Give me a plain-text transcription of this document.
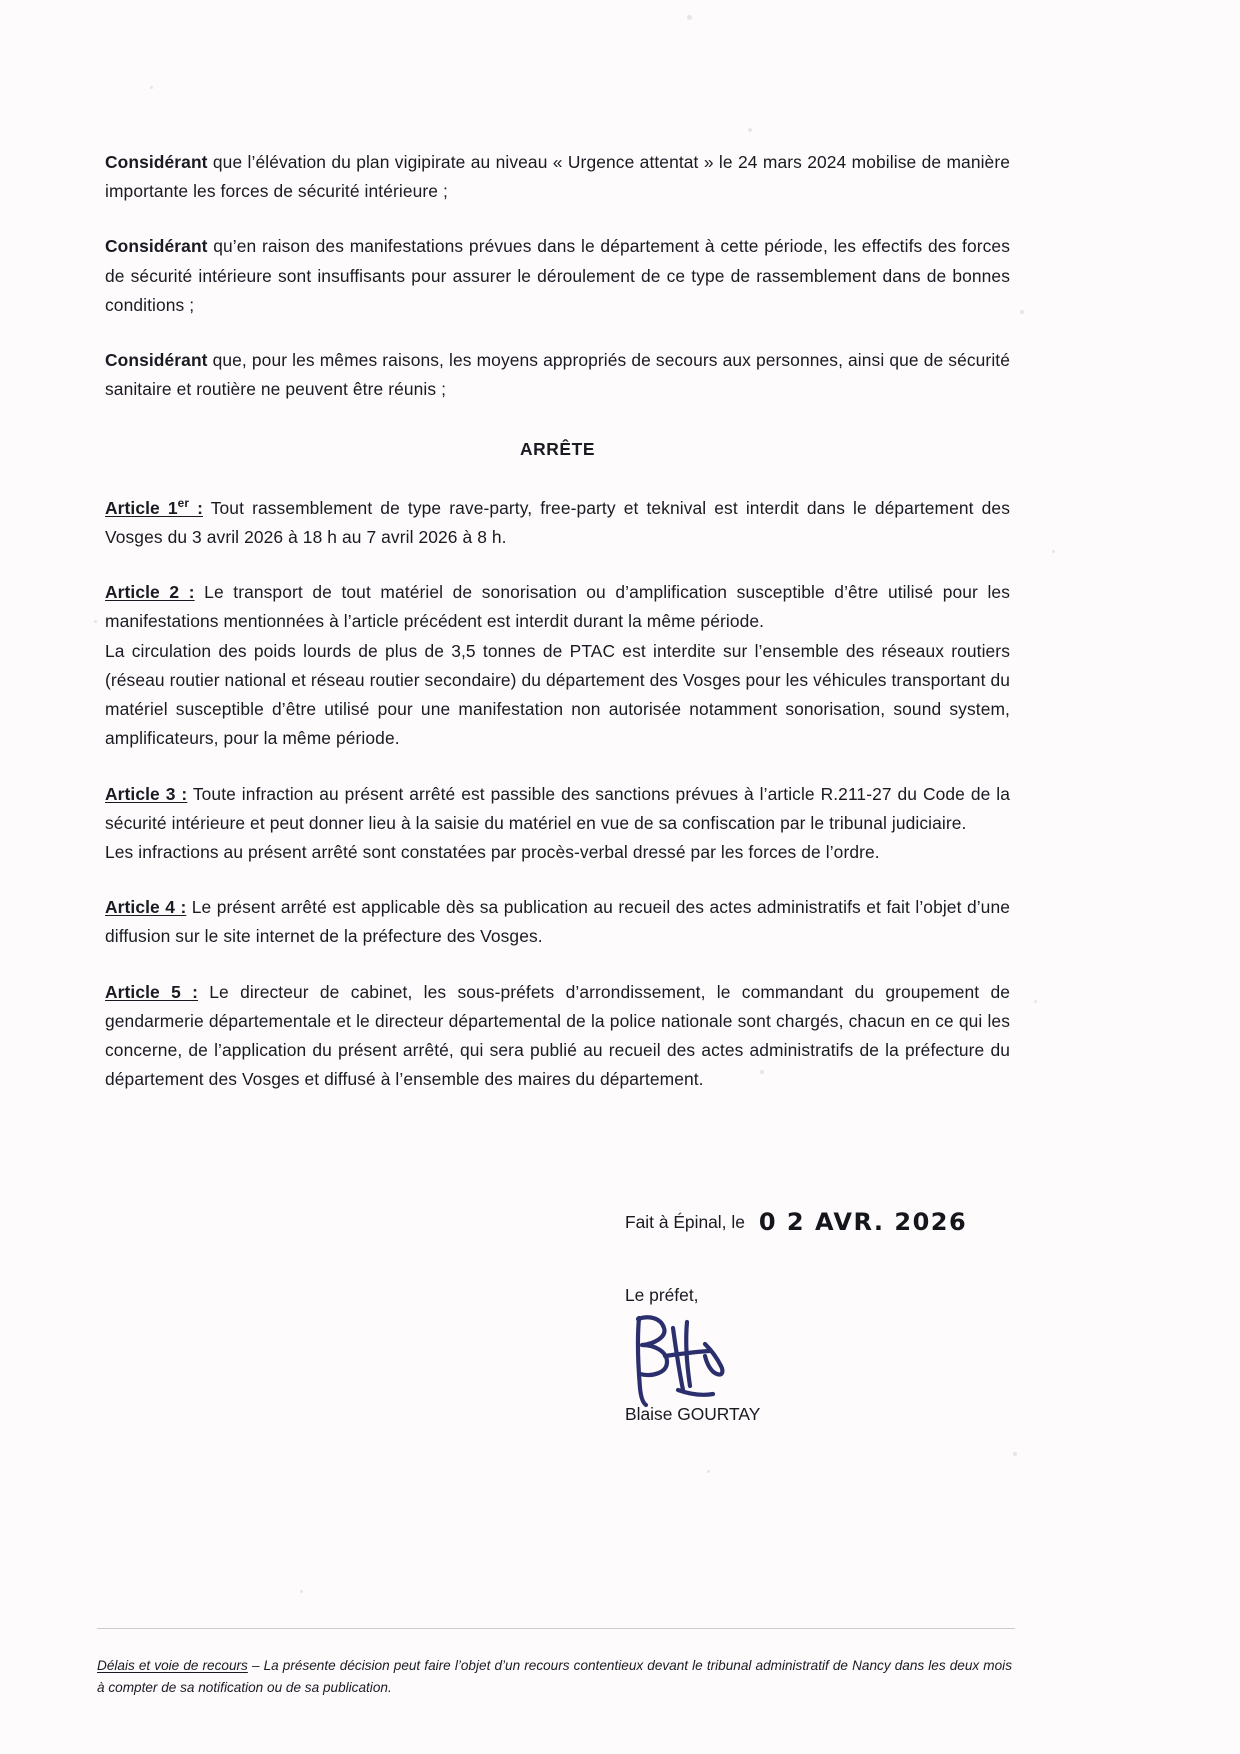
Considérant que l’élévation du plan vigipirate au niveau « Urgence attentat » le 24 mars 2024 mobilise de manière importante les forces de sécurité intérieure ;

Considérant qu’en raison des manifestations prévues dans le département à cette période, les effectifs des forces de sécurité intérieure sont insuffisants pour assurer le déroulement de ce type de rassemblement dans de bonnes conditions ;

Considérant que, pour les mêmes raisons, les moyens appropriés de secours aux personnes, ainsi que de sécurité sanitaire et routière ne peuvent être réunis ;

ARRÊTE

Article 1er : Tout rassemblement de type rave-party, free-party et teknival est interdit dans le département des Vosges du 3 avril 2026 à 18 h au 7 avril 2026 à 8 h.

Article 2 : Le transport de tout matériel de sonorisation ou d’amplification susceptible d’être utilisé pour les manifestations mentionnées à l’article précédent est interdit durant la même période.

La circulation des poids lourds de plus de 3,5 tonnes de PTAC est interdite sur l’ensemble des réseaux routiers (réseau routier national et réseau routier secondaire) du département des Vosges pour les véhicules transportant du matériel susceptible d’être utilisé pour une manifestation non autorisée notamment sonorisation, sound system, amplificateurs, pour la même période.

Article 3 : Toute infraction au présent arrêté est passible des sanctions prévues à l’article R.211-27 du Code de la sécurité intérieure et peut donner lieu à la saisie du matériel en vue de sa confiscation par le tribunal judiciaire.

Les infractions au présent arrêté sont constatées par procès-verbal dressé par les forces de l’ordre.

Article 4 : Le présent arrêté est applicable dès sa publication au recueil des actes administratifs et fait l’objet d’une diffusion sur le site internet de la préfecture des Vosges.

Article 5 : Le directeur de cabinet, les sous-préfets d’arrondissement, le commandant du groupement de gendarmerie départementale et le directeur départemental de la police nationale sont chargés, chacun en ce qui les concerne, de l’application du présent arrêté, qui sera publié au recueil des actes administratifs de la préfecture du département des Vosges et diffusé à l’ensemble des maires du département.

Fait à Épinal, le 0 2 AVR. 2026
Le préfet,
Blaise GOURTAY
Délais et voie de recours – La présente décision peut faire l’objet d’un recours contentieux devant le tribunal administratif de Nancy dans les deux mois à compter de sa notification ou de sa publication.
